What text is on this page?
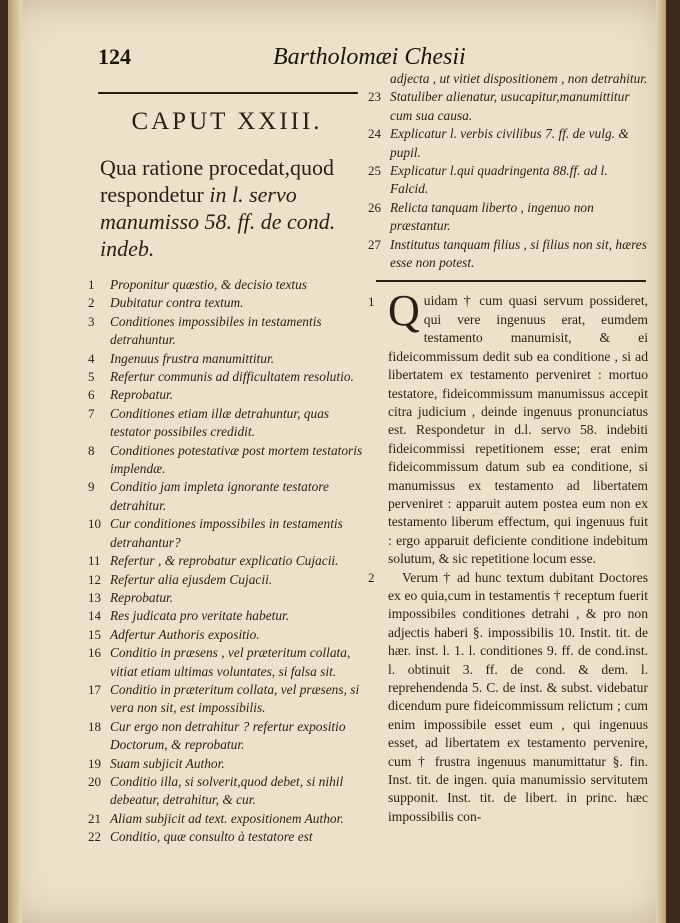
124	Bartholomæi Chesii
CAPUT XXIII.
Qua ratione procedat,quod
respondetur in l. servo
manumisso 58. ff. de cond.
indeb.
1	Proponitur quæstio, & decisio textus
2	Dubitatur contra textum.
3	Conditiones impossibiles in testamentis detrahuntur.
4	Ingenuus frustra manumittitur.
5	Refertur communis ad difficultatem resolutio.
6	Reprobatur.
7	Conditiones etiam illæ detrahuntur, quas testator possibiles credidit.
8	Conditiones potestativæ post mortem testatoris implendæ.
9	Conditio jam impleta ignorante testatore detrahitur.
10 Cur conditiones impossibiles in testamentis detrahantur?
11 Refertur , & reprobatur explicatio Cujacii.
12 Refertur alia ejusdem Cujacii.
13 Reprobatur.
14 Res judicata pro veritate habetur.
15 Adfertur Authoris expositio.
16 Conditio in præsens , vel præteritum collata, vitiat etiam ultimas voluntates, si falsa sit.
17 Conditio in præteritum collata, vel præsens, si vera non sit, est impossibilis.
18 Cur ergo non detrahitur ? refertur expositio Doctorum, & reprobatur.
19 Suam subjicit Author.
20 Conditio illa, si solverit,quod debet, si nihil debeatur, detrahitur, & cur.
21 Aliam subjicit ad text. expositionem Author.
22 Conditio, quæ consulto à testatore est
adjecta , ut vitiet dispositionem , non detrahitur.
23 Statuliber alienatur, usucapitur,manumittitur cum sua causa.
24 Explicatur l. verbis civilibus 7. ff. de vulg. & pupil.
25 Explicatur l.qui quadringenta 88.ff. ad l. Falcid.
26 Relicta tanquam liberto , ingenuo non præstantur.
27 Institutus tanquam filius , si filius non sit, hæres esse non potest.
1 Quidam † cum quasi servum possideret, qui vere ingenuus erat, eumdem testamento manumisit, & ei fideicommissum dedit sub ea conditione , si ad libertatem ex testamento perveniret : mortuo testatore, fideicommissum manumissus accepit citra judicium , deinde ingenuus pronunciatus est. Respondetur in d.l. servo 58. indebiti fideicommissi repetitionem esse; erat enim fideicommissum datum sub ea conditione, si manumissus ex testamento ad libertatem perveniret : apparuit autem postea eum non ex testamento liberum effectum, qui ingenuus fuit : ergo apparuit deficiente conditione indebitum solutum, & sic repetitione locum esse.
2 Verum † ad hunc textum dubitant Doctores ex eo quia,cum in testamentis † receptum fuerit impossibiles conditiones detrahi , & pro non adjectis haberi §. impossibilis 10. Instit. tit. de hær. inst. l. 1. l. conditiones 9. ff. de cond.inst. l. obtinuit 3. ff. de cond. & dem. l. reprehendenda 5. C. de inst. & subst. videbatur dicendum pure fideicommissum relictum ; cum enim impossibile esset eum , qui ingenuus esset, ad libertatem ex testamento pervenire, cum † frustra ingenuus manumittatur §. fin. Inst. tit. de ingen. quia manumissio servitutem supponit. Inst. tit. de libert. in princ. hæc impossibilis con-
